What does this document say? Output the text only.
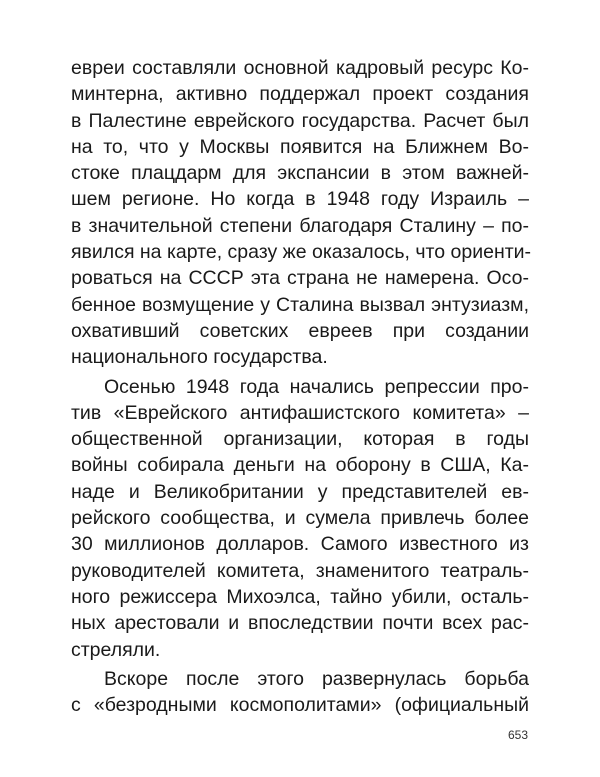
евреи составляли основной кадровый ресурс Ко-
минтерна, активно поддержал проект создания
в Палестине еврейского государства. Расчет был
на то, что у Москвы появится на Ближнем Во-
стоке плацдарм для экспансии в этом важней-
шем регионе. Но когда в 1948 году Израиль –
в значительной степени благодаря Сталину – по-
явился на карте, сразу же оказалось, что ориенти-
роваться на СССР эта страна не намерена. Осо-
бенное возмущение у Сталина вызвал энтузиазм,
охвативший советских евреев при создании
национального государства.
Осенью 1948 года начались репрессии про-
тив «Еврейского антифашистского комитета» –
общественной организации, которая в годы
войны собирала деньги на оборону в США, Ка-
наде и Великобритании у представителей ев-
рейского сообщества, и сумела привлечь более
30 миллионов долларов. Самого известного из
руководителей комитета, знаменитого театраль-
ного режиссера Михоэлса, тайно убили, осталь-
ных арестовали и впоследствии почти всех рас-
стреляли.
Вскоре после этого развернулась борьба
с «безродными космополитами» (официальный
653
